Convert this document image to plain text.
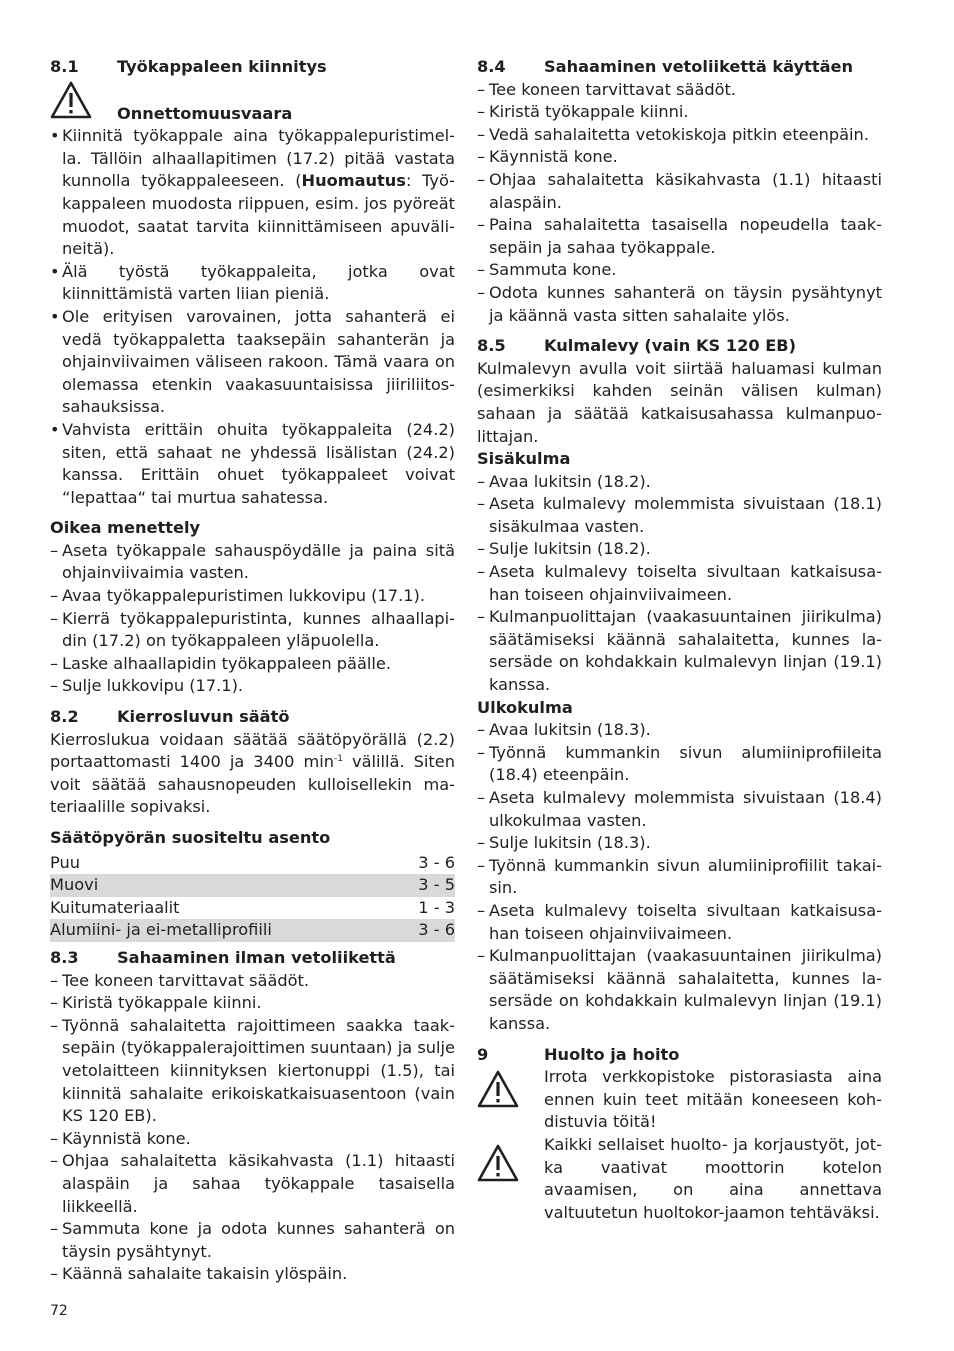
8.1	Työkappaleen kiinnitys
Onnettomuusvaara
• Kiinnitä työkappale aina työkappalepuristimel-la. Tällöin alhaallapitimen (17.2) pitää vastata kunnolla työkappaleeseen. (Huomautus: Työ-kappaleen muodosta riippuen, esim. jos pyöreät muodot, saatat tarvita kiinnittämiseen apuväli-neitä).
• Älä työstä työkappaleita, jotka ovat kiinnittämistä varten liian pieniä.
• Ole erityisen varovainen, jotta sahanterä ei vedä työkappaletta taaksepäin sahanterän ja ohjainviivaimen väliseen rakoon. Tämä vaara on olemassa etenkin vaakasuuntaisissa jiiriliitos-sahauksissa.
• Vahvista erittäin ohuita työkappaleita (24.2) siten, että sahaat ne yhdessä lisälistan (24.2) kanssa. Erittäin ohuet työkappaleet voivat “lepattaa“ tai murtua sahatessa.

Oikea menettely

– Aseta työkappale sahauspöydälle ja paina sitä ohjainviivaimia vasten.
– Avaa työkappalepuristimen lukkovipu (17.1).
– Kierrä työkappalepuristinta, kunnes alhaallapi-din (17.2) on työkappaleen yläpuolella.
– Laske alhaallapidin työkappaleen päälle.
– Sulje lukkovipu (17.1).
8.2	Kierrosluvun säätö

Kierroslukua voidaan säätää säätöpyörällä (2.2) portaattomasti 1400 ja 3400 $\min^{-1}$ välillä. Siten voit säätää sahausnopeuden kulloisellekin ma-teriaalille sopivaksi.

Säätöpyörän suositeltu asento

Puu	3 - 6
Muovi	3 - 5
Kuitumateriaalit	1 - 3
Alumiini- ja ei-metalliprofiili	3 - 6
8.3	Sahaaminen ilman vetoliikettä
– Tee koneen tarvittavat säädöt.
– Kiristä työkappale kiinni.
– Työnnä sahalaitetta rajoittimeen saakka taak-sepäin (työkappalerajoittimen suuntaan) ja sulje vetolaitteen kiinnityksen kiertonuppi (1.5), tai kiinnitä sahalaite erikoiskatkaisuasentoon (vain KS 120 EB).
– Käynnistä kone.
– Ohjaa sahalaitetta käsikahvasta (1.1) hitaasti alaspäin ja sahaa työkappale tasaisella liikkeellä.
– Sammuta kone ja odota kunnes sahanterä on täysin pysähtynyt.
– Käännä sahalaite takaisin ylöspäin.
8.4	Sahaaminen vetoliikettä käyttäen
– Tee koneen tarvittavat säädöt.
– Kiristä työkappale kiinni.
– Vedä sahalaitetta vetokiskoja pitkin eteenpäin.
– Käynnistä kone.
– Ohjaa sahalaitetta käsikahvasta (1.1) hitaasti alaspäin.
– Paina sahalaitetta tasaisella nopeudella taak-sepäin ja sahaa työkappale.
– Sammuta kone.
– Odota kunnes sahanterä on täysin pysähtynyt ja käännä vasta sitten sahalaite ylös.
8.5	Kulmalevy (vain KS 120 EB)

Kulmalevyn avulla voit siirtää haluamasi kulman (esimerkiksi kahden seinän välisen kulman) sahaan ja säätää katkaisusahassa kulmanpuo-littajan.

Sisäkulma

– Avaa lukitsin (18.2).
– Aseta kulmalevy molemmista sivuistaan (18.1) sisäkulmaa vasten.
– Sulje lukitsin (18.2).
– Aseta kulmalevy toiselta sivultaan katkaisusa-han toiseen ohjainviivaimeen.
– Kulmanpuolittajan (vaakasuuntainen jiirikulma) säätämiseksi käännä sahalaitetta, kunnes la-sersäde on kohdakkain kulmalevyn linjan (19.1) kanssa.

Ulkokulma

– Avaa lukitsin (18.3).
– Työnnä kummankin sivun alumiiniprofiileita (18.4) eteenpäin.
– Aseta kulmalevy molemmista sivuistaan (18.4) ulkokulmaa vasten.
– Sulje lukitsin (18.3).
– Työnnä kummankin sivun alumiiniprofiilit takai-sin.
– Aseta kulmalevy toiselta sivultaan katkaisusa-han toiseen ohjainviivaimeen.
– Kulmanpuolittajan (vaakasuuntainen jiirikulma) säätämiseksi käännä sahalaitetta, kunnes la-sersäde on kohdakkain kulmalevyn linjan (19.1) kanssa.
9	Huolto ja hoito

Irrota verkkopistoke pistorasiasta aina ennen kuin teet mitään koneeseen koh-distuvia töitä!

Kaikki sellaiset huolto- ja korjaustyöt, jot-ka vaativat moottorin kotelon avaamisen, on aina annettava valtuutetun huoltokor-jaamon tehtäväksi.

72
